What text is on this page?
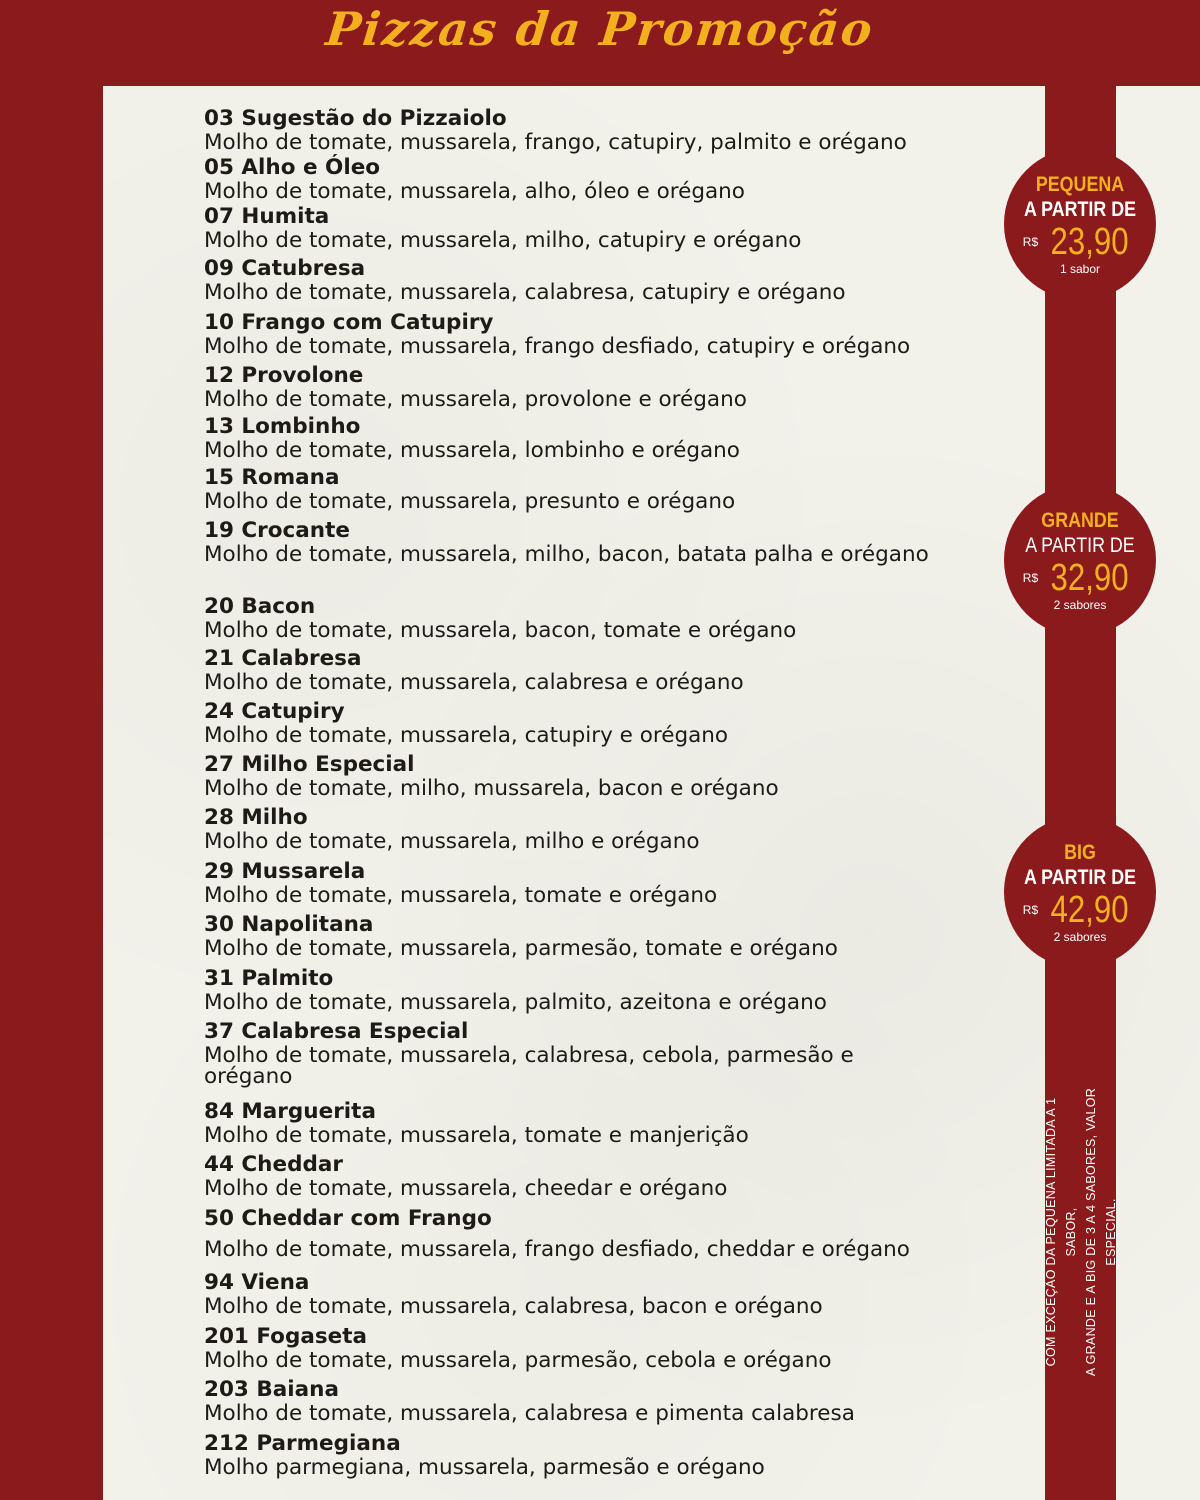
Pizzas da Promoção
03 Sugestão do Pizzaiolo
Molho de tomate, mussarela, frango, catupiry, palmito e orégano
05 Alho e Óleo
Molho de tomate, mussarela, alho, óleo e orégano
07 Humita
Molho de tomate, mussarela, milho, catupiry e orégano
09 Catubresa
Molho de tomate, mussarela, calabresa, catupiry e orégano
10 Frango com Catupiry
Molho de tomate, mussarela, frango desfiado, catupiry e orégano
12 Provolone
Molho de tomate, mussarela, provolone e orégano
13 Lombinho
Molho de tomate, mussarela, lombinho e orégano
15 Romana
Molho de tomate, mussarela, presunto e orégano
19 Crocante
Molho de tomate, mussarela, milho, bacon, batata palha e orégano
20 Bacon
Molho de tomate, mussarela, bacon, tomate e orégano
21 Calabresa
Molho de tomate, mussarela, calabresa e orégano
24 Catupiry
Molho de tomate, mussarela, catupiry e orégano
27 Milho Especial
Molho de tomate, milho, mussarela, bacon e orégano
28 Milho
Molho de tomate, mussarela, milho e orégano
29 Mussarela
Molho de tomate, mussarela, tomate e orégano
30 Napolitana
Molho de tomate, mussarela, parmesão, tomate e orégano
31 Palmito
Molho de tomate, mussarela, palmito, azeitona e orégano
37 Calabresa Especial
Molho de tomate, mussarela, calabresa, cebola, parmesão e orégano
84 Marguerita
Molho de tomate, mussarela, tomate e manjerição
44 Cheddar
Molho de tomate, mussarela, cheedar e orégano
50 Cheddar com Frango
Molho de tomate, mussarela, frango desfiado, cheddar e orégano
94 Viena
Molho de tomate, mussarela, calabresa, bacon e orégano
201 Fogaseta
Molho de tomate, mussarela, parmesão, cebola e orégano
203 Baiana
Molho de tomate, mussarela, calabresa e pimenta calabresa
212 Parmegiana
Molho parmegiana, mussarela, parmesão e orégano
PEQUENA
A PARTIR DE
R$ 23,90
1 sabor
GRANDE
A PARTIR DE
R$ 32,90
2 sabores
BIG
A PARTIR DE
R$ 42,90
2 sabores
COM EXCEÇÃO DA PEQUENA LIMITADA A 1 SABOR, A GRANDE E A BIG DE 3 A 4 SABORES, VALOR ESPECIAL.
